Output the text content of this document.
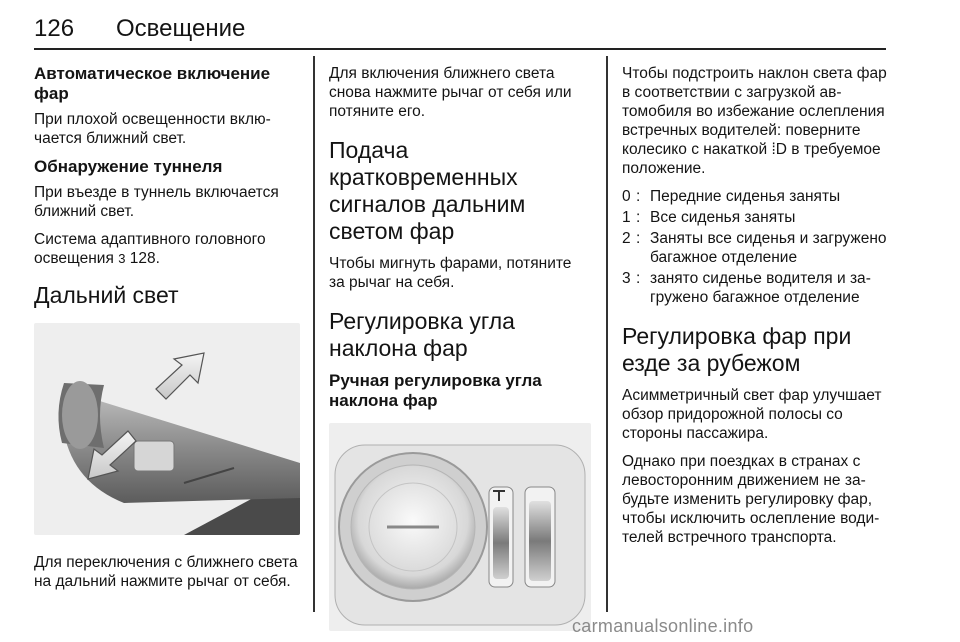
126 Освещение
Автоматическое включение фар

При плохой освещенности включается ближний свет.

Обнаружение туннеля

При въезде в туннель включается ближний свет.

Система адаптивного головного освещения 3 128.

Дальний свет

Для переключения с ближнего света на дальний нажмите рычаг от себя.

Для включения ближнего света снова нажмите рычаг от себя или потяните его.

Подача кратковременных сигналов дальним светом фар

Чтобы мигнуть фарами, потяните за рычаг на себя.

Регулировка угла наклона фар
Ручная регулировка угла наклона фар

Чтобы подстроить наклон света фар в соответствии с загрузкой автомобиля во избежание ослепления встречных водителей: поверните колесико с накаткой ⁞D в требуемое положение.

0 : Передние сиденья заняты
1 : Все сиденья заняты
2 : Заняты все сиденья и загружено багажное отделение
3 : занято сиденье водителя и загружено багажное отделение
Регулировка фар при езде за рубежом

Асимметричный свет фар улучшает обзор придорожной полосы со стороны пассажира.

Однако при поездках в странах с левосторонним движением не забудьте изменить регулировку фар, чтобы исключить ослепление водителей встречного транспорта.

carmanualsonline.info
